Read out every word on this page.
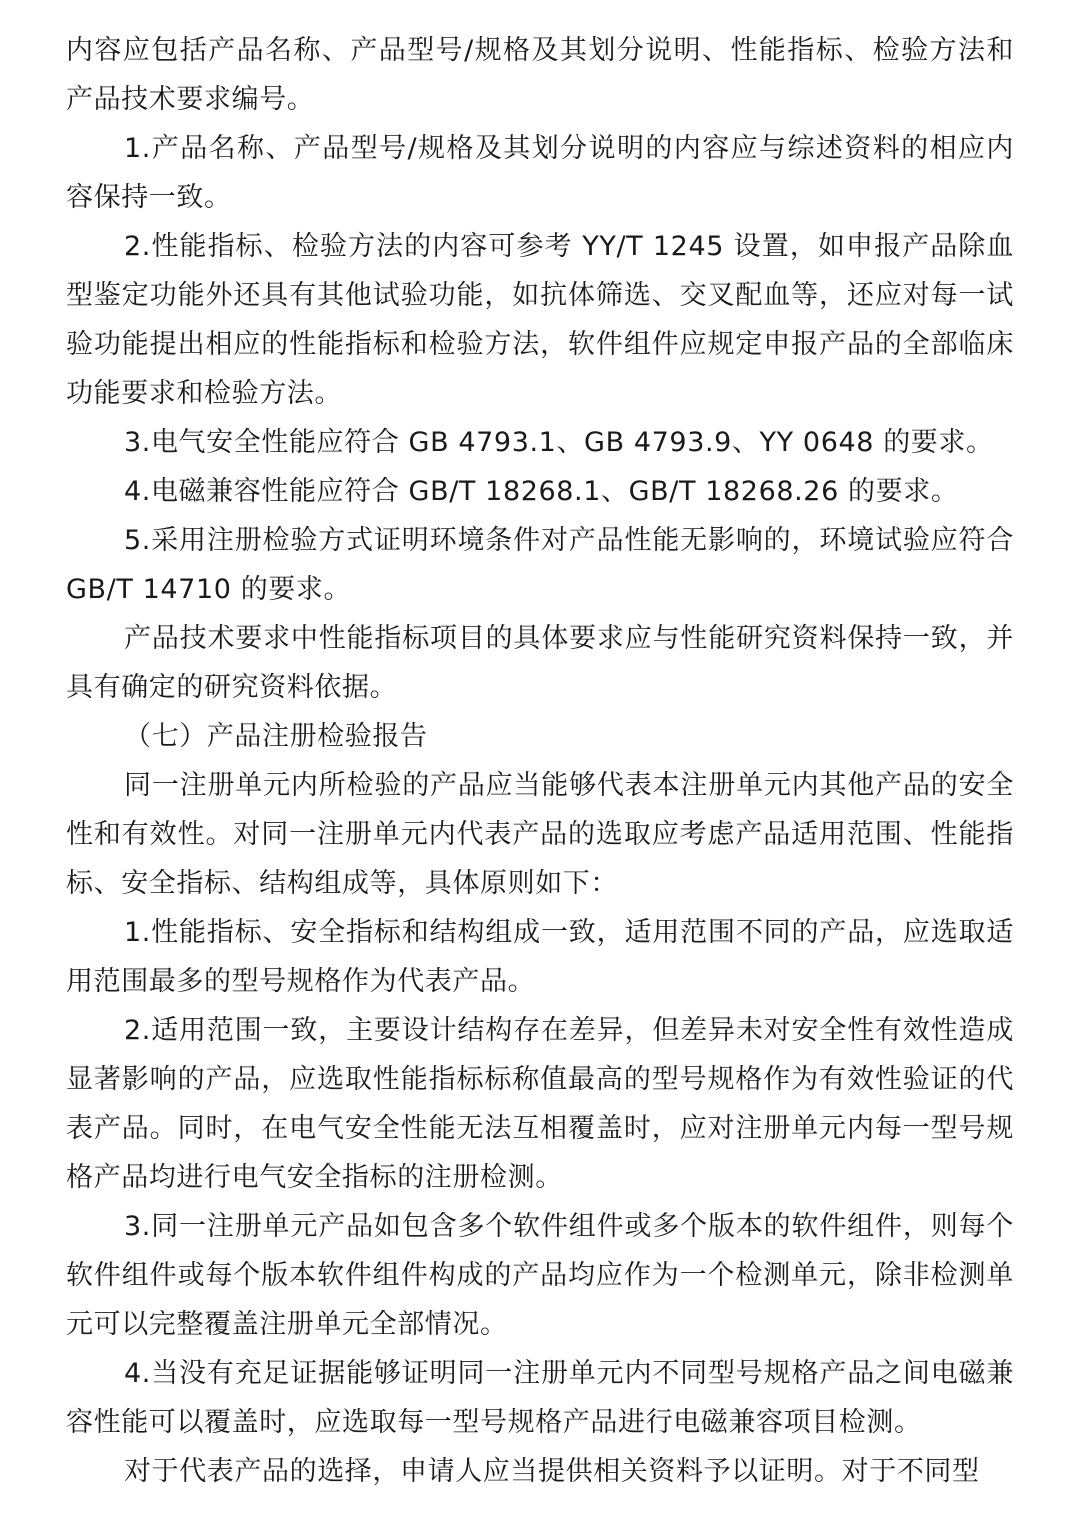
内容应包括产品名称、产品型号/规格及其划分说明、性能指标、检验方法和产品技术要求编号。

1.产品名称、产品型号/规格及其划分说明的内容应与综述资料的相应内容保持一致。

2.性能指标、检验方法的内容可参考 YY/T 1245 设置，如申报产品除血型鉴定功能外还具有其他试验功能，如抗体筛选、交叉配血等，还应对每一试验功能提出相应的性能指标和检验方法，软件组件应规定申报产品的全部临床功能要求和检验方法。

3.电气安全性能应符合 GB 4793.1、GB 4793.9、YY 0648 的要求。

4.电磁兼容性能应符合 GB/T 18268.1、GB/T 18268.26 的要求。

5.采用注册检验方式证明环境条件对产品性能无影响的，环境试验应符合 GB/T 14710 的要求。

产品技术要求中性能指标项目的具体要求应与性能研究资料保持一致，并具有确定的研究资料依据。

（七）产品注册检验报告

同一注册单元内所检验的产品应当能够代表本注册单元内其他产品的安全性和有效性。对同一注册单元内代表产品的选取应考虑产品适用范围、性能指标、安全指标、结构组成等，具体原则如下：

1.性能指标、安全指标和结构组成一致，适用范围不同的产品，应选取适用范围最多的型号规格作为代表产品。

2.适用范围一致，主要设计结构存在差异，但差异未对安全性有效性造成显著影响的产品，应选取性能指标标称值最高的型号规格作为有效性验证的代表产品。同时，在电气安全性能无法互相覆盖时，应对注册单元内每一型号规格产品均进行电气安全指标的注册检测。

3.同一注册单元产品如包含多个软件组件或多个版本的软件组件，则每个软件组件或每个版本软件组件构成的产品均应作为一个检测单元，除非检测单元可以完整覆盖注册单元全部情况。

4.当没有充足证据能够证明同一注册单元内不同型号规格产品之间电磁兼容性能可以覆盖时，应选取每一型号规格产品进行电磁兼容项目检测。

对于代表产品的选择，申请人应当提供相关资料予以证明。对于不同型
